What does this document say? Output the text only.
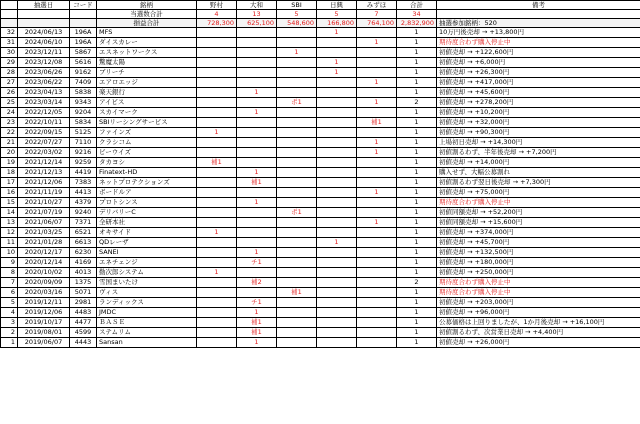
	抽選日	コード	銘柄	野村	大和	SBI	日興	みずほ	合計	備考
			当選数合計	4	13	5	5	7	34	
			損益合計	728,300	625,100	548,600	166,800	764,100	2,832,900	抽選参加銘柄：520
32	2024/06/13	196A	MFS				1		1	10万円後売却 → +13,800円
31	2024/06/10	196A	ダイスカレー					1	1	期待度合わず購入停止中
30	2023/12/11	5867	エスネットワークス			1			1	初値売却 → +122,600円
29	2023/12/08	5616	驚魔太陽				1		1	初値売却 → +6,000円
28	2023/06/26	9162	ブリーチ				1		1	初値売却 → +26,300円
27	2023/06/22	7409	エアロエッジ					1	1	初値売却 → +417,000円
26	2023/04/13	5838	楽天銀行		1				1	初値売却 → +45,600円
25	2023/03/14	9343	アイビス			ポ1		1	2	初値売却 → +278,200円
24	2022/12/05	9204	スカイマーク		1				1	初値売却 → +10,200円
23	2022/10/11	5834	SBIリーシングサービス					補1	1	初値売却 → +32,000円
22	2022/09/15	5125	ファインズ	1					1	初値売却 → +90,300円
21	2022/07/27	7110	クラシコム					1	1	上場初日売却 → +14,300円
20	2022/03/02	9216	ビーウイズ					1	1	初値割るわず、半年後売却 → +7,200円
19	2021/12/14	9259	タカヨシ	補1					1	初値売却 → +14,000円
18	2021/12/13	4419	Finatext-HD		1				1	購入せず、大幅公募割れ
17	2021/12/06	7383	ネットプロテクションズ		補1				1	初値割るわず翌日後売却 → +7,300円
16	2021/11/19	4413	ボードルア					1	1	初値売却 → +75,000円
15	2021/10/27	4379	プロトシンス		1				1	期待度合わず購入停止中
14	2021/07/19	9240	デリバリーC			ポ1			1	初値同額売却 → +52,200円
13	2021/06/07	7371	全研本社					1	1	初値同額売却 → +15,600円
12	2021/03/25	6521	オキサイド	1					1	初値売却 → +374,000円
11	2021/01/28	6613	QDレーザ				1		1	初値売却 → +45,700円
10	2020/12/17	6230	SANEI		1				1	初値売却 → +132,500円
9	2020/12/14	4169	エネチェンジ		チ1				1	初値売却 → +180,000円
8	2020/10/02	4013	勤次郎システム	1					1	初値売却 → +250,000円
7	2020/09/09	1375	雪国まいたけ		補2				2	期待度合わず購入停止中
6	2020/03/16	5071	ヴィス			補1			1	期待度合わず購入停止中
5	2019/12/11	2981	ランディックス		チ1				1	初値売却 → +203,000円
4	2019/12/06	4483	JMDC		1				1	初値売却 → +96,000円
3	2019/10/17	4477	ＢＡＳＥ		補1				1	公募価格は上回りましたが、1か月後売却 → +16,100円
2	2019/08/01	4599	ステムリム		補1				1	初値割るわず、次営業日売却 → +4,400円
1	2019/06/07	4443	Sansan		1				1	初値売却 → +26,000円
